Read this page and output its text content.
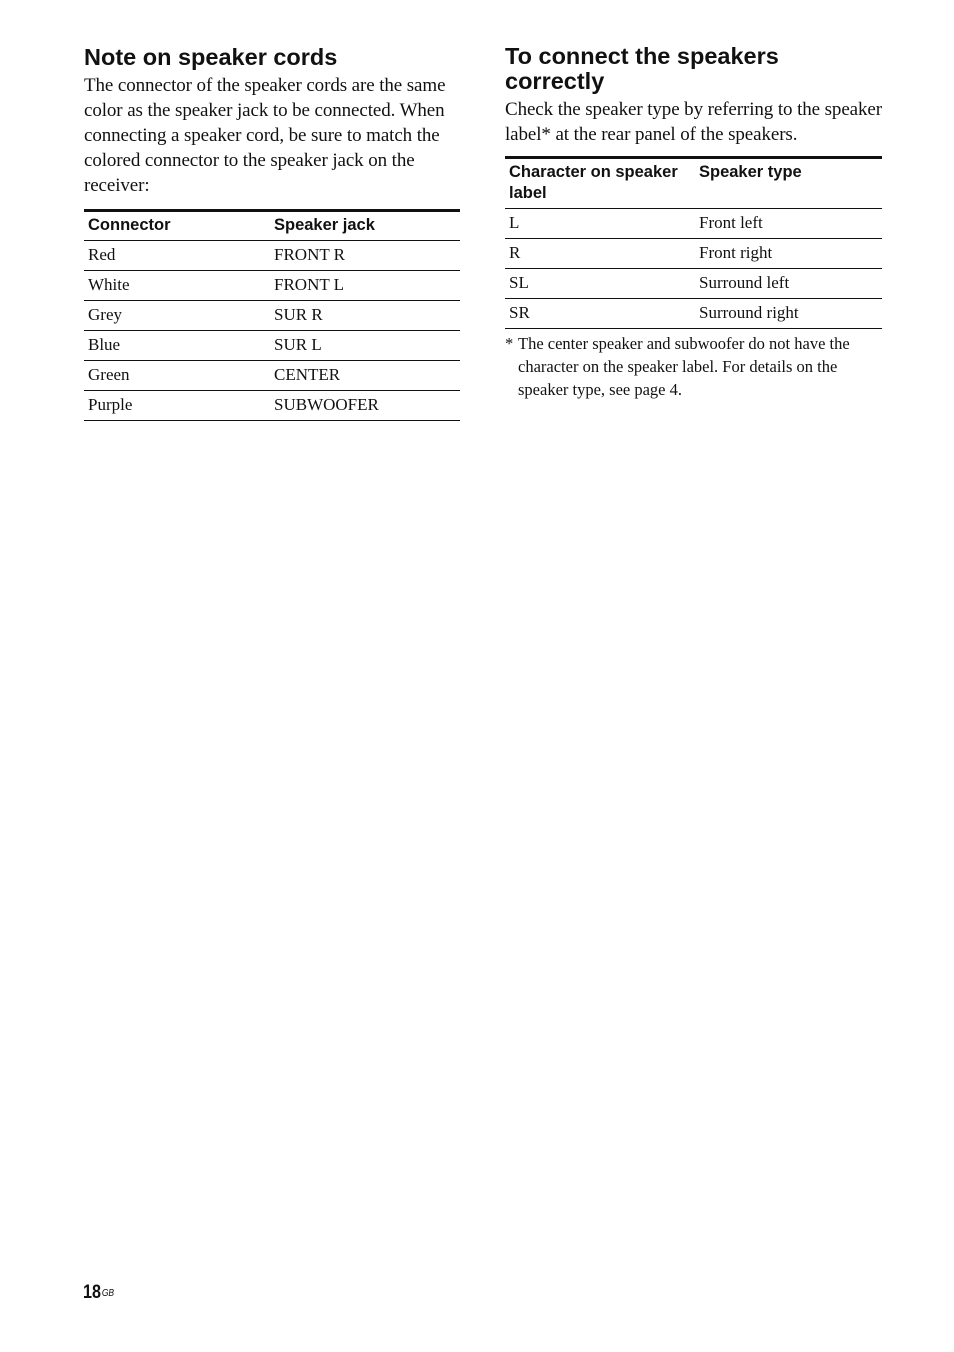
Note on speaker cords

The connector of the speaker cords are the same color as the speaker jack to be connected. When connecting a speaker cord, be sure to match the colored connector to the speaker jack on the receiver:

Connector	Speaker jack
Red	FRONT R
White	FRONT L
Grey	SUR R
Blue	SUR L
Green	CENTER
Purple	SUBWOOFER
To connect the speakers correctly

Check the speaker type by referring to the speaker label* at the rear panel of the speakers.

Character on speaker label	Speaker type
L	Front left
R	Front right
SL	Surround left
SR	Surround right
* The center speaker and subwoofer do not have the character on the speaker label. For details on the speaker type, see page 4.
$18^{GB}$
